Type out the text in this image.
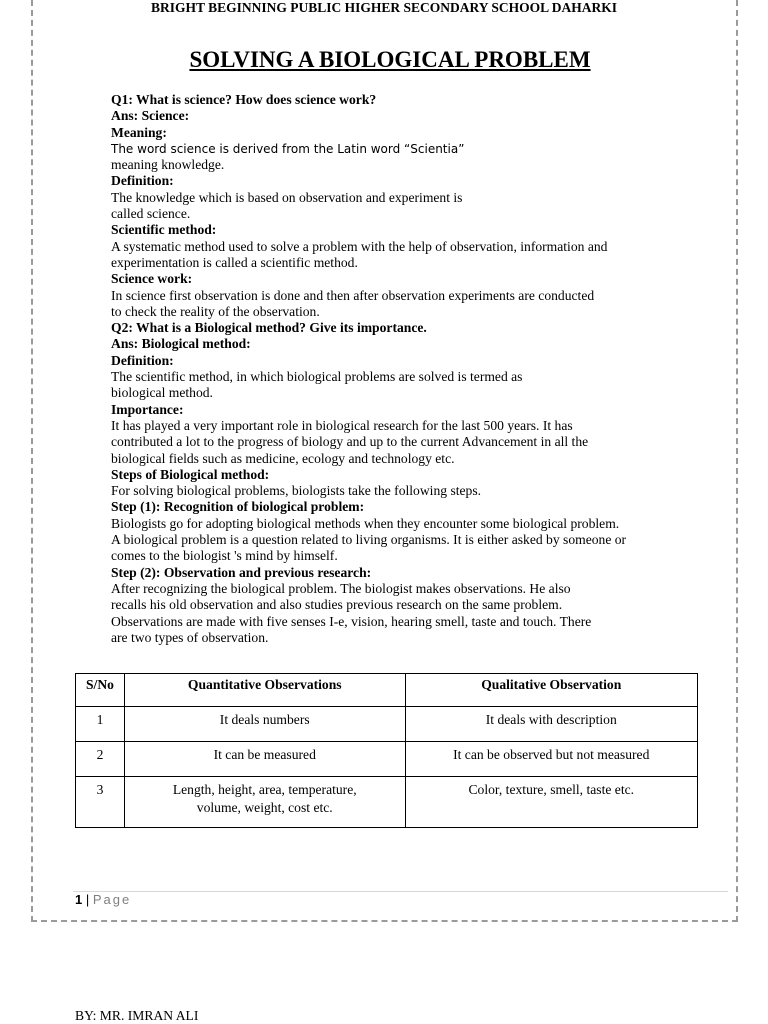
BRIGHT BEGINNING PUBLIC HIGHER SECONDARY SCHOOL DAHARKI
SOLVING A BIOLOGICAL PROBLEM

Q1: What is science? How does science work?

Ans: Science:

Meaning:

The word science is derived from the Latin word “Scientia”

meaning knowledge.

Definition:

The knowledge which is based on observation and experiment is

called science.

Scientific method:

A systematic method used to solve a problem with the help of observation, information and

experimentation is called a scientific method.

Science work:

In science first observation is done and then after observation experiments are conducted

to check the reality of the observation.

Q2: What is a Biological method? Give its importance.

Ans: Biological method:

Definition:

The scientific method, in which biological problems are solved is termed as

biological method.

Importance:

It has played a very important role in biological research for the last 500 years. It has

contributed a lot to the progress of biology and up to the current Advancement in all the

biological fields such as medicine, ecology and technology etc.

Steps of Biological method:

For solving biological problems, biologists take the following steps.

Step (1): Recognition of biological problem:

Biologists go for adopting biological methods when they encounter some biological problem.

A biological problem is a question related to living organisms. It is either asked by someone or

comes to the biologist 's mind by himself.

Step (2): Observation and previous research:

After recognizing the biological problem. The biologist makes observations. He also

recalls his old observation and also studies previous research on the same problem.

Observations are made with five senses I-e, vision, hearing smell, taste and touch. There

are two types of observation.

S/No	Quantitative Observations	Qualitative Observation
1	It deals numbers	It deals with description
2	It can be measured	It can be observed but not measured
3	Length, height, area, temperature,
volume, weight, cost etc.	Color, texture, smell, taste etc.
1 | Page
BY: MR. IMRAN ALI
